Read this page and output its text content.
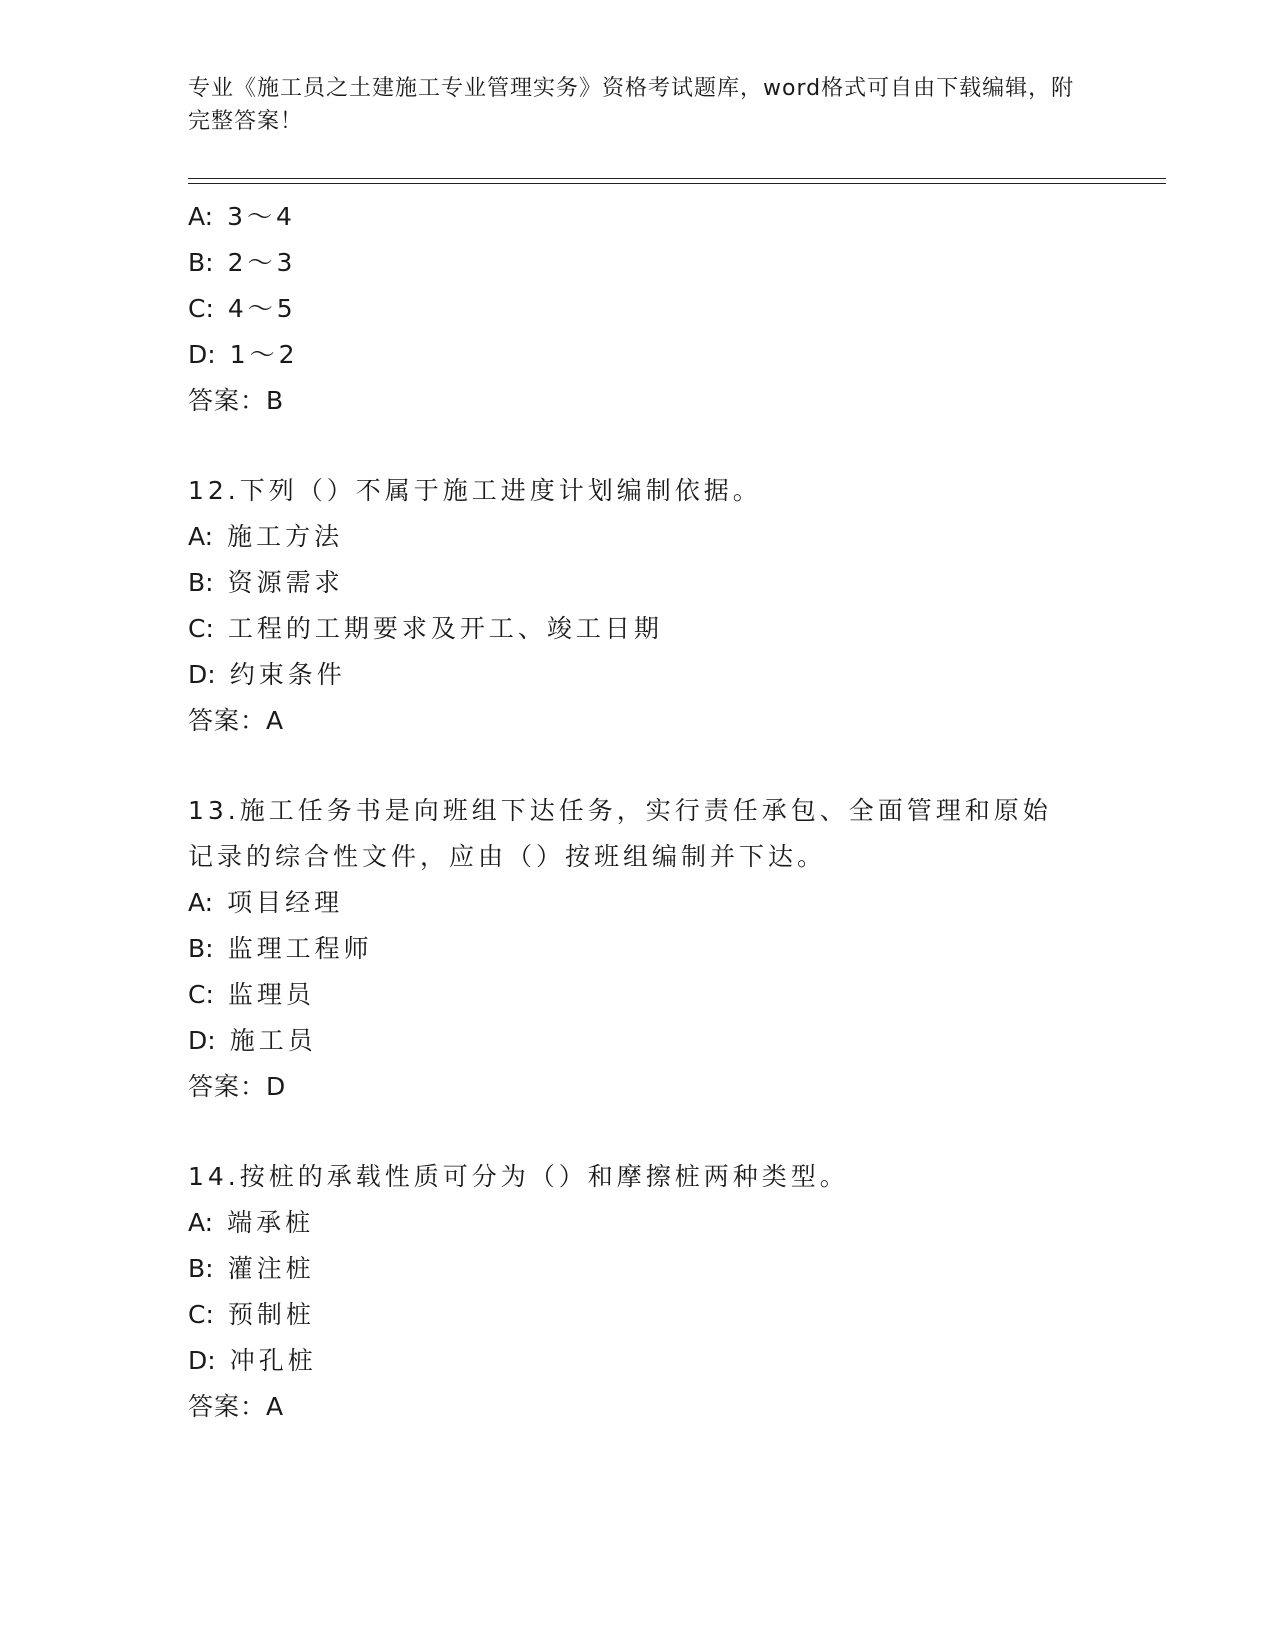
专业《施工员之土建施工专业管理实务》资格考试题库，word格式可自由下载编辑，附完整答案！
A: 3～4
B: 2～3
C: 4～5
D: 1～2
答案：B
12.下列（）不属于施工进度计划编制依据。
A: 施工方法
B: 资源需求
C: 工程的工期要求及开工、竣工日期
D: 约束条件
答案：A
13.施工任务书是向班组下达任务，实行责任承包、全面管理和原始记录的综合性文件，应由（）按班组编制并下达。
A: 项目经理
B: 监理工程师
C: 监理员
D: 施工员
答案：D
14.按桩的承载性质可分为（）和摩擦桩两种类型。
A: 端承桩
B: 灌注桩
C: 预制桩
D: 冲孔桩
答案：A
